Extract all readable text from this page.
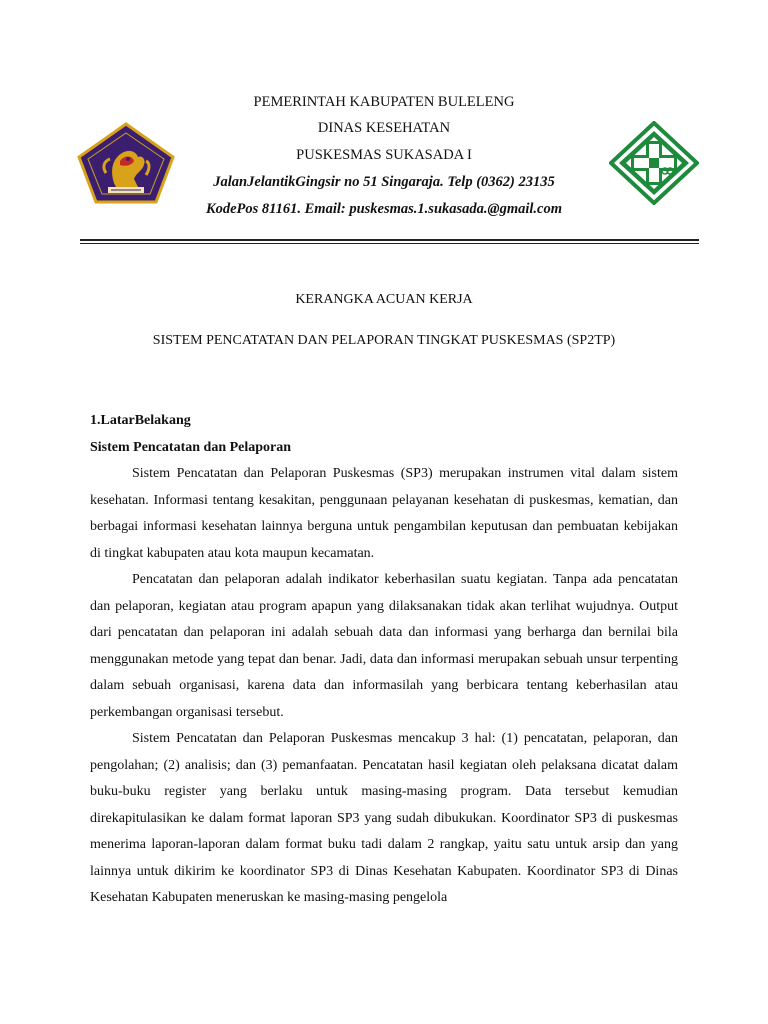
PEMERINTAH KABUPATEN BULELENG
DINAS KESEHATAN
PUSKESMAS SUKASADA I
JalanJelantikGingsir no 51 Singaraja. Telp (0362) 23135
KodePos 81161. Email: puskesmas.1.sukasada.@gmail.com
KERANGKA ACUAN KERJA
SISTEM PENCATATAN DAN PELAPORAN TINGKAT PUSKESMAS (SP2TP)
1.LatarBelakang
Sistem Pencatatan dan Pelaporan
Sistem Pencatatan dan Pelaporan Puskesmas (SP3) merupakan instrumen vital dalam sistem kesehatan. Informasi tentang kesakitan, penggunaan pelayanan kesehatan di puskesmas, kematian, dan berbagai informasi kesehatan lainnya berguna untuk pengambilan keputusan dan pembuatan kebijakan di tingkat kabupaten atau kota maupun kecamatan.
Pencatatan dan pelaporan adalah indikator keberhasilan suatu kegiatan. Tanpa ada pencatatan dan pelaporan, kegiatan atau program apapun yang dilaksanakan tidak akan terlihat wujudnya. Output dari pencatatan dan pelaporan ini adalah sebuah data dan informasi yang berharga dan bernilai bila menggunakan metode yang tepat dan benar. Jadi, data dan informasi merupakan sebuah unsur terpenting dalam sebuah organisasi, karena data dan informasilah yang berbicara tentang keberhasilan atau perkembangan organisasi tersebut.
Sistem Pencatatan dan Pelaporan Puskesmas mencakup 3 hal: (1) pencatatan, pelaporan, dan pengolahan; (2) analisis; dan (3) pemanfaatan. Pencatatan hasil kegiatan oleh pelaksana dicatat dalam buku-buku register yang berlaku untuk masing-masing program. Data tersebut kemudian direkapitulasikan ke dalam format laporan SP3 yang sudah dibukukan. Koordinator SP3 di puskesmas menerima laporan-laporan dalam format buku tadi dalam 2 rangkap, yaitu satu untuk arsip dan yang lainnya untuk dikirim ke koordinator SP3 di Dinas Kesehatan Kabupaten. Koordinator SP3 di Dinas Kesehatan Kabupaten meneruskan ke masing-masing pengelola
